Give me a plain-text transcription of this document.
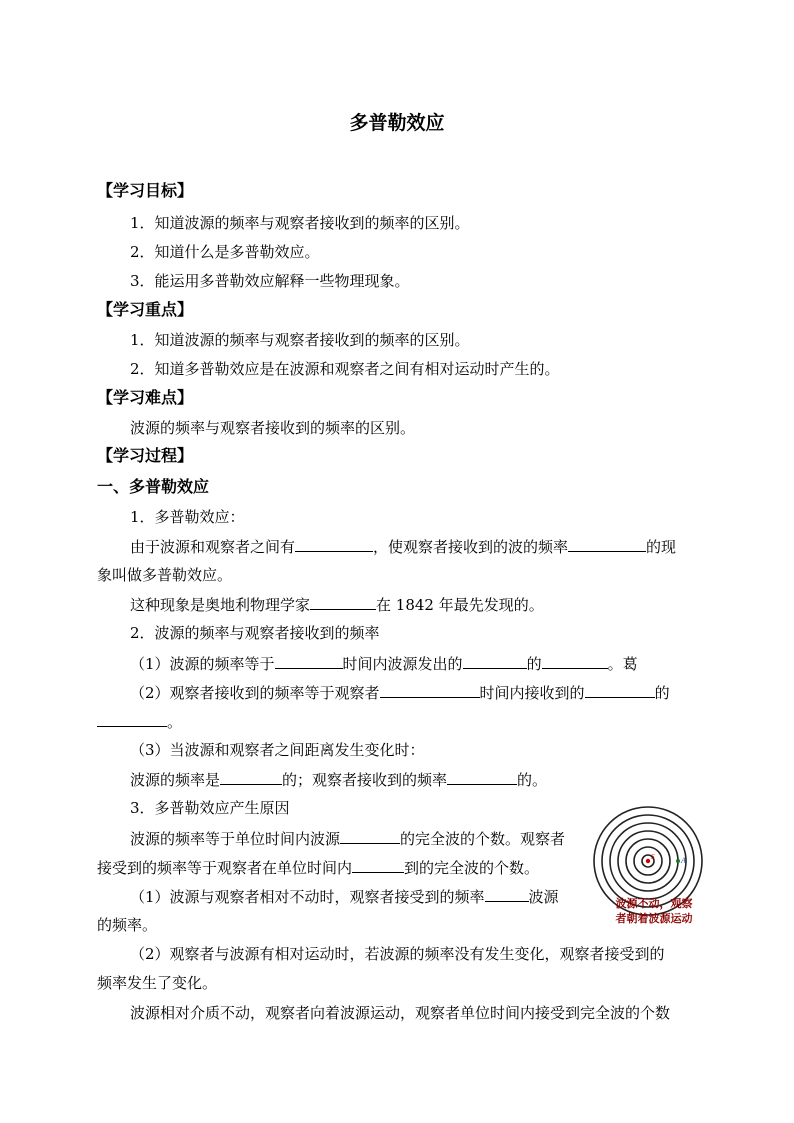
多普勒效应
【学习目标】
1．知道波源的频率与观察者接收到的频率的区别。
2．知道什么是多普勒效应。
3．能运用多普勒效应解释一些物理现象。
【学习重点】
1．知道波源的频率与观察者接收到的频率的区别。
2．知道多普勒效应是在波源和观察者之间有相对运动时产生的。
【学习难点】
波源的频率与观察者接收到的频率的区别。
【学习过程】
一、多普勒效应
1．多普勒效应：
由于波源和观察者之间有	，使观察者接收到的波的频率	的现
象叫做多普勒效应。
这种现象是奥地利物理学家	在 1842 年最先发现的。
2．波源的频率与观察者接收到的频率
（1）波源的频率等于	时间内波源发出的	的	。葛
（2）观察者接收到的频率等于观察者	时间内接收到的	的
。
（3）当波源和观察者之间距离发生变化时：
波源的频率是	的；观察者接收到的频率	的。
3．多普勒效应产生原因
波源的频率等于单位时间内波源	的完全波的个数。观察者
接受到的频率等于观察者在单位时间内	到的完全波的个数。
（1）波源与观察者相对不动时，观察者接受到的频率	波源
的频率。
（2）观察者与波源有相对运动时，若波源的频率没有发生变化，观察者接受到的
频率发生了变化。
波源相对介质不动，观察者向着波源运动，观察者单位时间内接受到完全波的个数
S	A
波源不动，观察
者朝着波源运动
